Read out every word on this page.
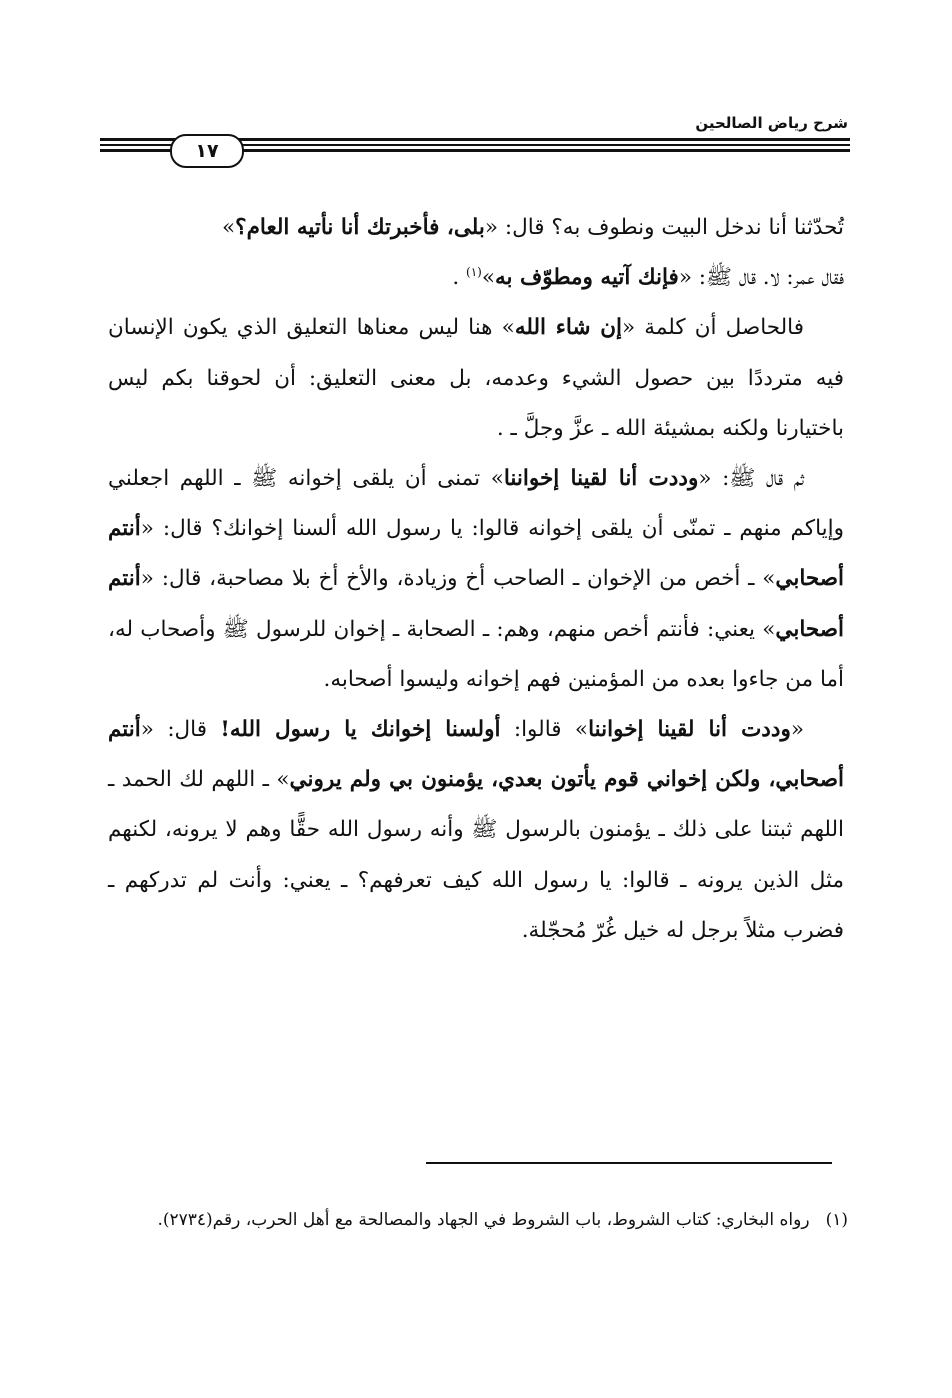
شرح رياض الصالحين
١٧

تُحدّثنا أنا ندخل البيت ونطوف به؟ قال: «بلى، فأخبرتك أنا نأتيه العام؟»
فقال عمر: لا. قال ﷺ: «فإنك آتيه ومطوّف به»$^{(١)}$ .

فالحاصل أن كلمة «إن شاء الله» هنا ليس معناها التعليق الذي يكون الإنسان فيه مترددًا بين حصول الشيء وعدمه، بل معنى التعليق: أن لحوقنا بكم ليس باختيارنا ولكنه بمشيئة الله ـ عزَّ وجلَّ ـ .

ثم قال ﷺ: «وددت أنا لقينا إخواننا» تمنى أن يلقى إخوانه ﷺ ـ اللهم اجعلني وإياكم منهم ـ تمنّى أن يلقى إخوانه قالوا: يا رسول الله ألسنا إخوانك؟ قال: «أنتم أصحابي» ـ أخص من الإخوان ـ الصاحب أخ وزيادة، والأخ أخ بلا مصاحبة، قال: «أنتم أصحابي» يعني: فأنتم أخص منهم، وهم: ـ الصحابة ـ إخوان للرسول ﷺ وأصحاب له، أما من جاءوا بعده من المؤمنين فهم إخوانه وليسوا أصحابه.

«وددت أنا لقينا إخواننا» قالوا: أولسنا إخوانك يا رسول الله! قال: «أنتم أصحابي، ولكن إخواني قوم يأتون بعدي، يؤمنون بي ولم يروني» ـ اللهم لك الحمد ـ اللهم ثبتنا على ذلك ـ يؤمنون بالرسول ﷺ وأنه رسول الله حقًّا وهم لا يرونه، لكنهم مثل الذين يرونه ـ قالوا: يا رسول الله كيف تعرفهم؟ ـ يعني: وأنت لم تدركهم ـ فضرب مثلاً برجل له خيل غُرّ مُحجّلة.

(١)رواه البخاري: كتاب الشروط، باب الشروط في الجهاد والمصالحة مع أهل الحرب، رقم(٢٧٣٤).
